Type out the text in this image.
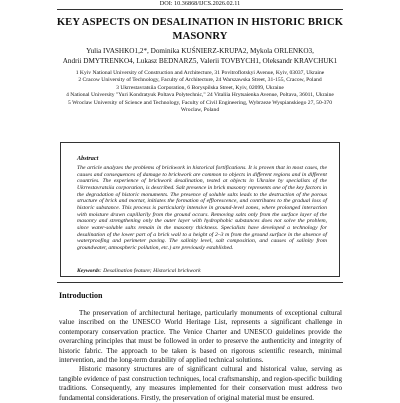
DOI: 10.36868/IJCS.2026.02.11
KEY ASPECTS ON DESALINATION IN HISTORIC BRICK
MASONRY
Yulia IVASHKO1,2*, Dominika KUŚNIERZ-KRUPA2, Mykola ORLENKO3,
Andrii DMYTRENKO4, Lukasz BEDNARZ5, Valerii TOVBYCH1, Oleksandr KRAVCHUK1
1 Kyiv National University of Construction and Architecture, 31 Povitroflotskyi Avenue, Kyiv, 03037, Ukraine
2 Cracow University of Technology, Faculty of Architecture, 24 Warszawska Street, 31-155, Cracow, Poland
3 Ukrrestavratsiia Corporation, 6 Boryspilska Street, Kyiv, 02099, Ukraine
4 National University "Yuri Kondratyuk Poltava Polytechnic," 24 Vitaliia Hrytsaienka Avenue, Poltava, 36011, Ukraine
5 Wroclaw University of Science and Technology, Faculty of Civil Engineering, Wybrzeze Wyspianskiego 27, 50-370
Wroclaw, Poland
Abstract
The article analyzes the problems of brickwork in historical fortifications. It is proven that in most cases, the causes and consequences of damage to brickwork are common to objects in different regions and in different countries. The experience of brickwork desalination, tested at objects in Ukraine by specialists of the Ukrrestavratsiia corporation, is described. Salt presence in brick masonry represents one of the key factors in the degradation of historic monuments. The presence of soluble salts leads to the destruction of the porous structure of brick and mortar, initiates the formation of efflorescence, and contributes to the gradual loss of historic substance. This process is particularly intensive in ground-level zones, where prolonged interaction with moisture drawn capillarily from the ground occurs. Removing salts only from the surface layer of the masonry and strengthening only the outer layer with hydrophobic substances does not solve the problem, since water-soluble salts remain in the masonry thickness. Specialists have developed a technology for desalination of the lower part of a brick wall to a height of 2–3 m from the ground surface in the absence of waterproofing and perimeter paving. The salinity level, salt composition, and causes of salinity from groundwater, atmospheric pollution, etc.) are previously established.
Keywords: Desalination feature; Historical brickwork
Introduction

The preservation of architectural heritage, particularly monuments of exceptional cultural value inscribed on the UNESCO World Heritage List, represents a significant challenge in contemporary conservation practice. The Venice Charter and UNESCO guidelines provide the overarching principles that must be followed in order to preserve the authenticity and integrity of historic fabric. The approach to be taken is based on rigorous scientific research, minimal intervention, and the long-term durability of applied technical solutions.

Historic masonry structures are of significant cultural and historical value, serving as tangible evidence of past construction techniques, local craftsmanship, and region-specific building traditions. Consequently, any measures implemented for their conservation must address two fundamental considerations. Firstly, the preservation of original material must be ensured.
